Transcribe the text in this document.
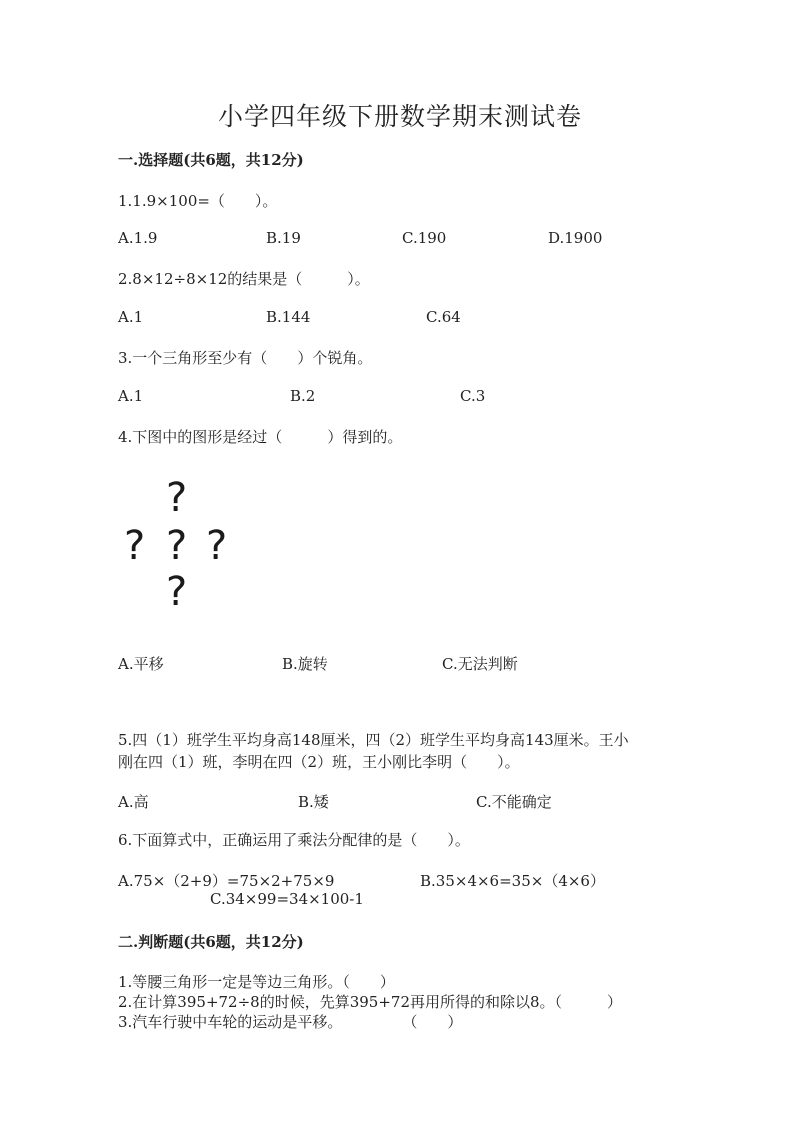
小学四年级下册数学期末测试卷
一.选择题(共6题，共12分)
1.1.9×100=（　　）。
A.1.9	B.19	C.190	D.1900
2.8×12÷8×12的结果是（　　　）。
A.1	B.144	C.64
3.一个三角形至少有（　　）个锐角。
A.1	B.2	C.3
4.下图中的图形是经过（　　　）得到的。
?
? ? ?
?
A.平移	B.旋转	C.无法判断
5.四（1）班学生平均身高148厘米，四（2）班学生平均身高143厘米。王小
刚在四（1）班，李明在四（2）班，王小刚比李明（　　）。
A.高	B.矮	C.不能确定
6.下面算式中，正确运用了乘法分配律的是（　　）。
A.75×（2+9）=75×2+75×9	B.35×4×6=35×（4×6）
C.34×99=34×100-1
二.判断题(共6题，共12分)
1.等腰三角形一定是等边三角形。（　　）
2.在计算395+72÷8的时候，先算395+72再用所得的和除以8。（　　　）
3.汽车行驶中车轮的运动是平移。　　　　　（　　）
